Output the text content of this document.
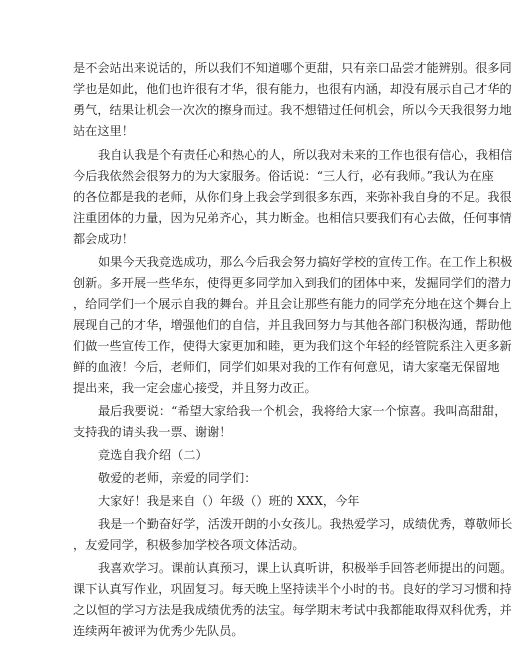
是不会站出来说话的，所以我们不知道哪个更甜，只有亲口品尝才能辨别。很多同
学也是如此，他们也许很有才华，很有能力，也很有内涵，却没有展示自己才华的
勇气，结果让机会一次次的擦身而过。我不想错过任何机会，所以今天我很努力地
站在这里！
我自认我是个有责任心和热心的人，所以我对未来的工作也很有信心，我相信
今后我依然会很努力的为大家服务。俗话说：“三人行，必有我师。”我认为在座
的各位都是我的老师，从你们身上我会学到很多东西，来弥补我自身的不足。我很
注重团体的力量，因为兄弟齐心，其力断金。也相信只要我们有心去做，任何事情
都会成功！
如果今天我竞选成功，那么今后我会努力搞好学校的宣传工作。在工作上积极
创新。多开展一些华东，使得更多同学加入到我们的团体中来，发掘同学们的潜力
，给同学们一个展示自我的舞台。并且会让那些有能力的同学充分地在这个舞台上
展现自己的才华，增强他们的自信，并且我回努力与其他各部门积极沟通，帮助他
们做一些宣传工作，使得大家更加和睦，更为我们这个年轻的经管院系注入更多新
鲜的血液！今后，老师们，同学们如果对我的工作有何意见，请大家毫无保留地
提出来，我一定会虚心接受，并且努力改正。
最后我要说：“希望大家给我一个机会，我将给大家一个惊喜。我叫高甜甜，
支持我的请头我一票、谢谢！
竞选自我介绍（二）
敬爱的老师，亲爱的同学们：
大家好！我是来自（）年级（）班的 XXX，今年
我是一个勤奋好学，活泼开朗的小女孩儿。我热爱学习，成绩优秀，尊敬师长
，友爱同学，积极参加学校各项文体活动。
我喜欢学习。课前认真预习，课上认真听讲，积极举手回答老师提出的问题。
课下认真写作业，巩固复习。每天晚上坚持读半个小时的书。良好的学习习惯和持
之以恒的学习方法是我成绩优秀的法宝。每学期末考试中我都能取得双科优秀，并
连续两年被评为优秀少先队员。
